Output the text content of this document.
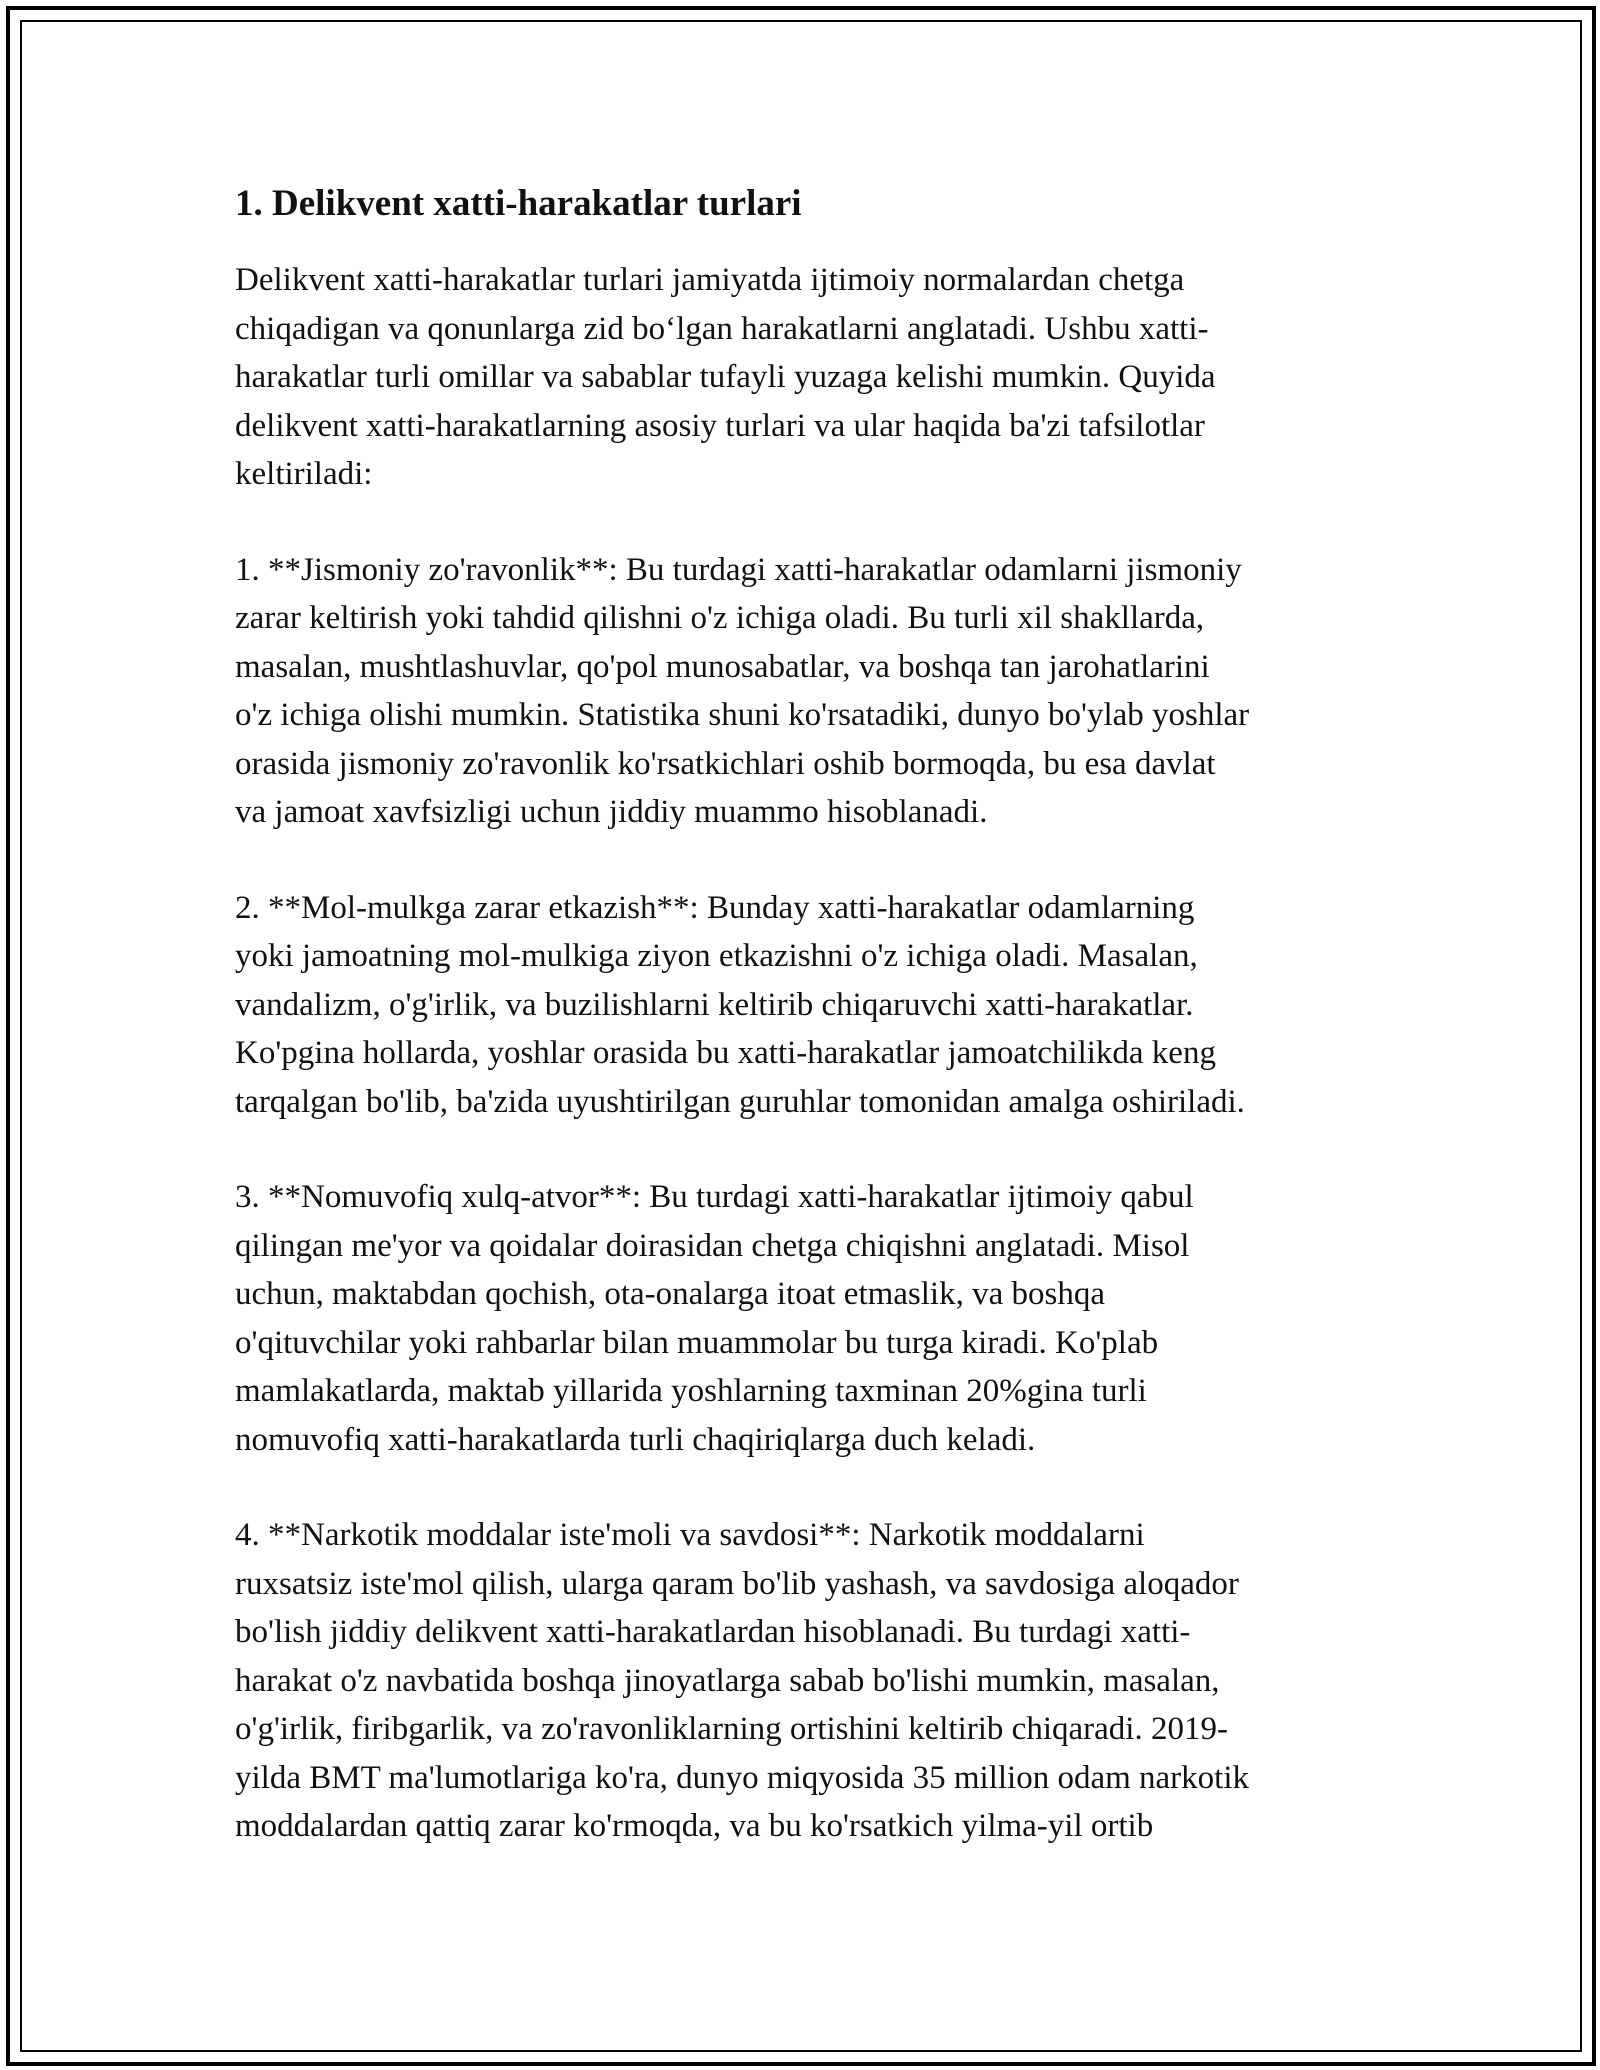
1. Delikvent xatti-harakatlar turlari

Delikvent xatti-harakatlar turlari jamiyatda ijtimoiy normalardan chetga
chiqadigan va qonunlarga zid bo‘lgan harakatlarni anglatadi. Ushbu xatti-
harakatlar turli omillar va sabablar tufayli yuzaga kelishi mumkin. Quyida
delikvent xatti-harakatlarning asosiy turlari va ular haqida ba'zi tafsilotlar
keltiriladi:

1. **Jismoniy zo'ravonlik**: Bu turdagi xatti-harakatlar odamlarni jismoniy
zarar keltirish yoki tahdid qilishni o'z ichiga oladi. Bu turli xil shakllarda,
masalan, mushtlashuvlar, qo'pol munosabatlar, va boshqa tan jarohatlarini
o'z ichiga olishi mumkin. Statistika shuni ko'rsatadiki, dunyo bo'ylab yoshlar
orasida jismoniy zo'ravonlik ko'rsatkichlari oshib bormoqda, bu esa davlat
va jamoat xavfsizligi uchun jiddiy muammo hisoblanadi.

2. **Mol-mulkga zarar etkazish**: Bunday xatti-harakatlar odamlarning
yoki jamoatning mol-mulkiga ziyon etkazishni o'z ichiga oladi. Masalan,
vandalizm, o'g'irlik, va buzilishlarni keltirib chiqaruvchi xatti-harakatlar.
Ko'pgina hollarda, yoshlar orasida bu xatti-harakatlar jamoatchilikda keng
tarqalgan bo'lib, ba'zida uyushtirilgan guruhlar tomonidan amalga oshiriladi.

3. **Nomuvofiq xulq-atvor**: Bu turdagi xatti-harakatlar ijtimoiy qabul
qilingan me'yor va qoidalar doirasidan chetga chiqishni anglatadi. Misol
uchun, maktabdan qochish, ota-onalarga itoat etmaslik, va boshqa
o'qituvchilar yoki rahbarlar bilan muammolar bu turga kiradi. Ko'plab
mamlakatlarda, maktab yillarida yoshlarning taxminan 20%gina turli
nomuvofiq xatti-harakatlarda turli chaqiriqlarga duch keladi.

4. **Narkotik moddalar iste'moli va savdosi**: Narkotik moddalarni
ruxsatsiz iste'mol qilish, ularga qaram bo'lib yashash, va savdosiga aloqador
bo'lish jiddiy delikvent xatti-harakatlardan hisoblanadi. Bu turdagi xatti-
harakat o'z navbatida boshqa jinoyatlarga sabab bo'lishi mumkin, masalan,
o'g'irlik, firibgarlik, va zo'ravonliklarning ortishini keltirib chiqaradi. 2019-
yilda BMT ma'lumotlariga ko'ra, dunyo miqyosida 35 million odam narkotik
moddalardan qattiq zarar ko'rmoqda, va bu ko'rsatkich yilma-yil ortib
